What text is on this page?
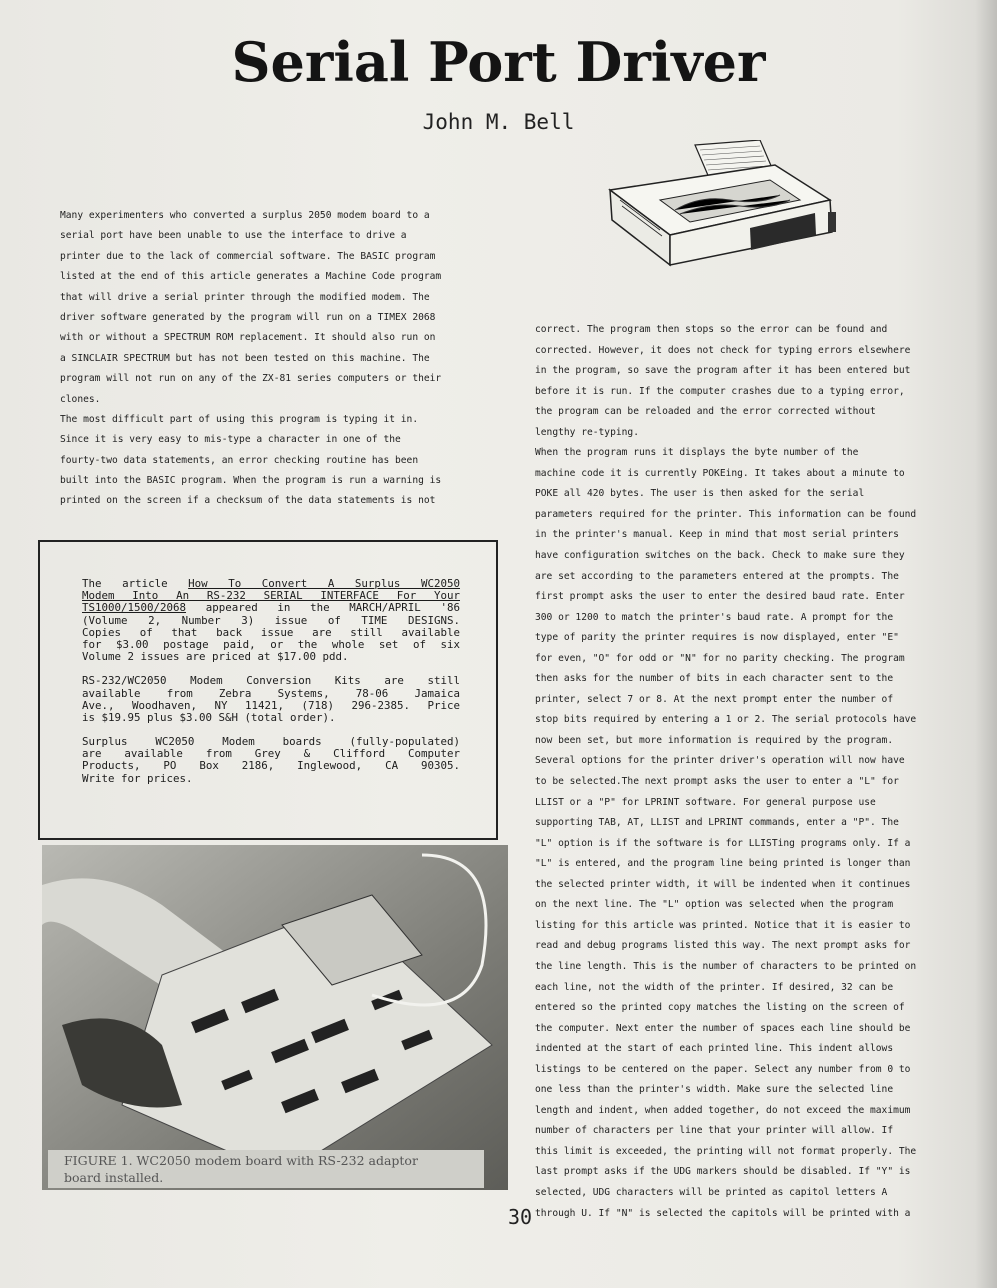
Serial Port Driver
John M. Bell
Many experimenters who converted a surplus 2050 modem board to a
serial port have been unable to use the interface to drive a
printer due to the lack of commercial software. The BASIC program
listed at the end of this article generates a Machine Code program
that will drive a serial printer through the modified modem. The
driver software generated by the program will run on a TIMEX 2068
with or without a SPECTRUM ROM replacement. It should also run on
a SINCLAIR SPECTRUM but has not been tested on this machine. The
program will not run on any of the ZX-81 series computers or their
clones.
The most difficult part of using this program is typing it in.
Since it is very easy to mis-type a character in one of the
fourty-two data statements, an error checking routine has been
built into the BASIC program. When the program is run a warning is
printed on the screen if a checksum of the data statements is not
correct. The program then stops so the error can be found and
corrected. However, it does not check for typing errors elsewhere
in the program, so save the program after it has been entered but
before it is run. If the computer crashes due to a typing error,
the program can be reloaded and the error corrected without
lengthy re-typing.
When the program runs it displays the byte number of the
machine code it is currently POKEing. It takes about a minute to
POKE all 420 bytes. The user is then asked for the serial
parameters required for the printer. This information can be found
in the printer's manual. Keep in mind that most serial printers
have configuration switches on the back. Check to make sure they
are set according to the parameters entered at the prompts. The
first prompt asks the user to enter the desired baud rate. Enter
300 or 1200 to match the printer's baud rate. A prompt for the
type of parity the printer requires is now displayed, enter "E"
for even, "O" for odd or "N" for no parity checking. The program
then asks for the number of bits in each character sent to the
printer, select 7 or 8. At the next prompt enter the number of
stop bits required by entering a 1 or 2. The serial protocols have
now been set, but more information is required by the program.
Several options for the printer driver's operation will now have
to be selected.The next prompt asks the user to enter a "L" for
LLIST or a "P" for LPRINT software. For general purpose use
supporting TAB, AT, LLIST and LPRINT commands, enter a "P". The
"L" option is if the software is for LLISTing programs only. If a
"L" is entered, and the program line being printed is longer than
the selected printer width, it will be indented when it continues
on the next line. The "L" option was selected when the program
listing for this article was printed. Notice that it is easier to
read and debug programs listed this way. The next prompt asks for
the line length. This is the number of characters to be printed on
each line, not the width of the printer. If desired, 32 can be
entered so the printed copy matches the listing on the screen of
the computer. Next enter the number of spaces each line should be
indented at the start of each printed line. This indent allows
listings to be centered on the paper. Select any number from 0 to
one less than the printer's width. Make sure the selected line
length and indent, when added together, do not exceed the maximum
number of characters per line that your printer will allow. If
this limit is exceeded, the printing will not format properly. The
last prompt asks if the UDG markers should be disabled. If "Y" is
selected, UDG characters will be printed as capitol letters A
through U. If "N" is selected the capitols will be printed with a
The article How To Convert A Surplus WC2050
Modem Into An RS-232 SERIAL INTERFACE For Your
TS1000/1500/2068 appeared in the MARCH/APRIL '86
(Volume 2, Number 3) issue of TIME DESIGNS.
Copies of that back issue are still available
for $3.00 postage paid, or the whole set of six
Volume 2 issues are priced at $17.00 pdd.
RS-232/WC2050 Modem Conversion Kits are still
available from Zebra Systems, 78-06 Jamaica
Ave., Woodhaven, NY 11421, (718) 296-2385. Price
is $19.95 plus $3.00 S&H (total order).
Surplus WC2050 Modem boards (fully-populated)
are available from Grey & Clifford Computer
Products, PO Box 2186, Inglewood, CA 90305.
Write for prices.
FIGURE 1. WC2050 modem board with RS-232 adaptor
board installed.
30
